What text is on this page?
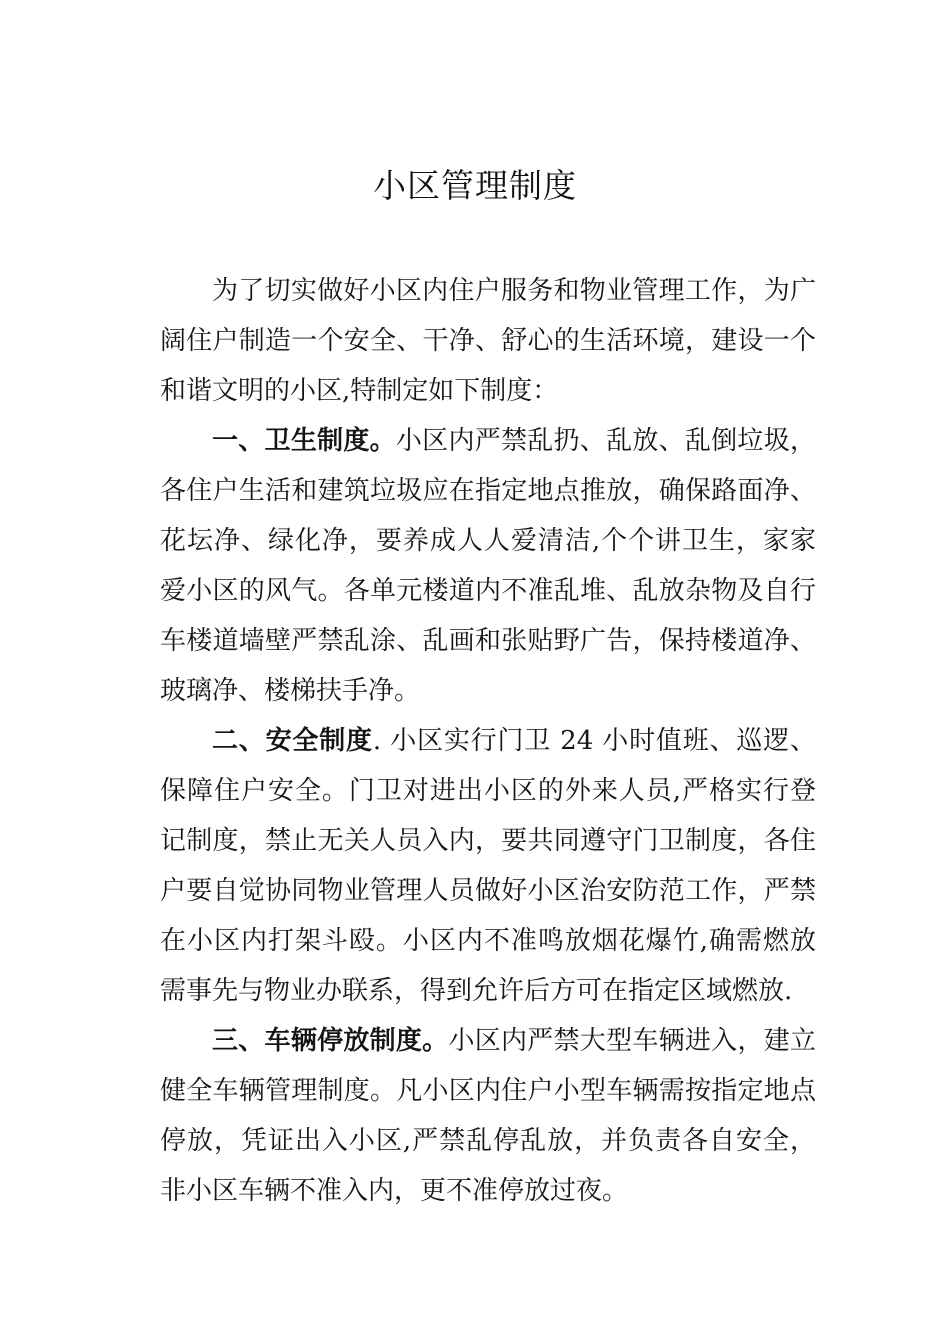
小区管理制度

为了切实做好小区内住户服务和物业管理工作，为广阔住户制造一个安全、干净、舒心的生活环境，建设一个和谐文明的小区,特制定如下制度：

一、卫生制度。小区内严禁乱扔、乱放、乱倒垃圾，各住户生活和建筑垃圾应在指定地点推放，确保路面净、花坛净、绿化净，要养成人人爱清洁,个个讲卫生，家家爱小区的风气。各单元楼道内不准乱堆、乱放杂物及自行车楼道墙壁严禁乱涂、乱画和张贴野广告，保持楼道净、玻璃净、楼梯扶手净。

二、安全制度. 小区实行门卫 24 小时值班、巡逻、保障住户安全。门卫对进出小区的外来人员,严格实行登记制度，禁止无关人员入内，要共同遵守门卫制度，各住户要自觉协同物业管理人员做好小区治安防范工作，严禁在小区内打架斗殴。小区内不准鸣放烟花爆竹,确需燃放需事先与物业办联系，得到允许后方可在指定区域燃放.

三、车辆停放制度。小区内严禁大型车辆进入，建立健全车辆管理制度。凡小区内住户小型车辆需按指定地点停放，凭证出入小区,严禁乱停乱放，并负责各自安全，非小区车辆不准入内，更不准停放过夜。
